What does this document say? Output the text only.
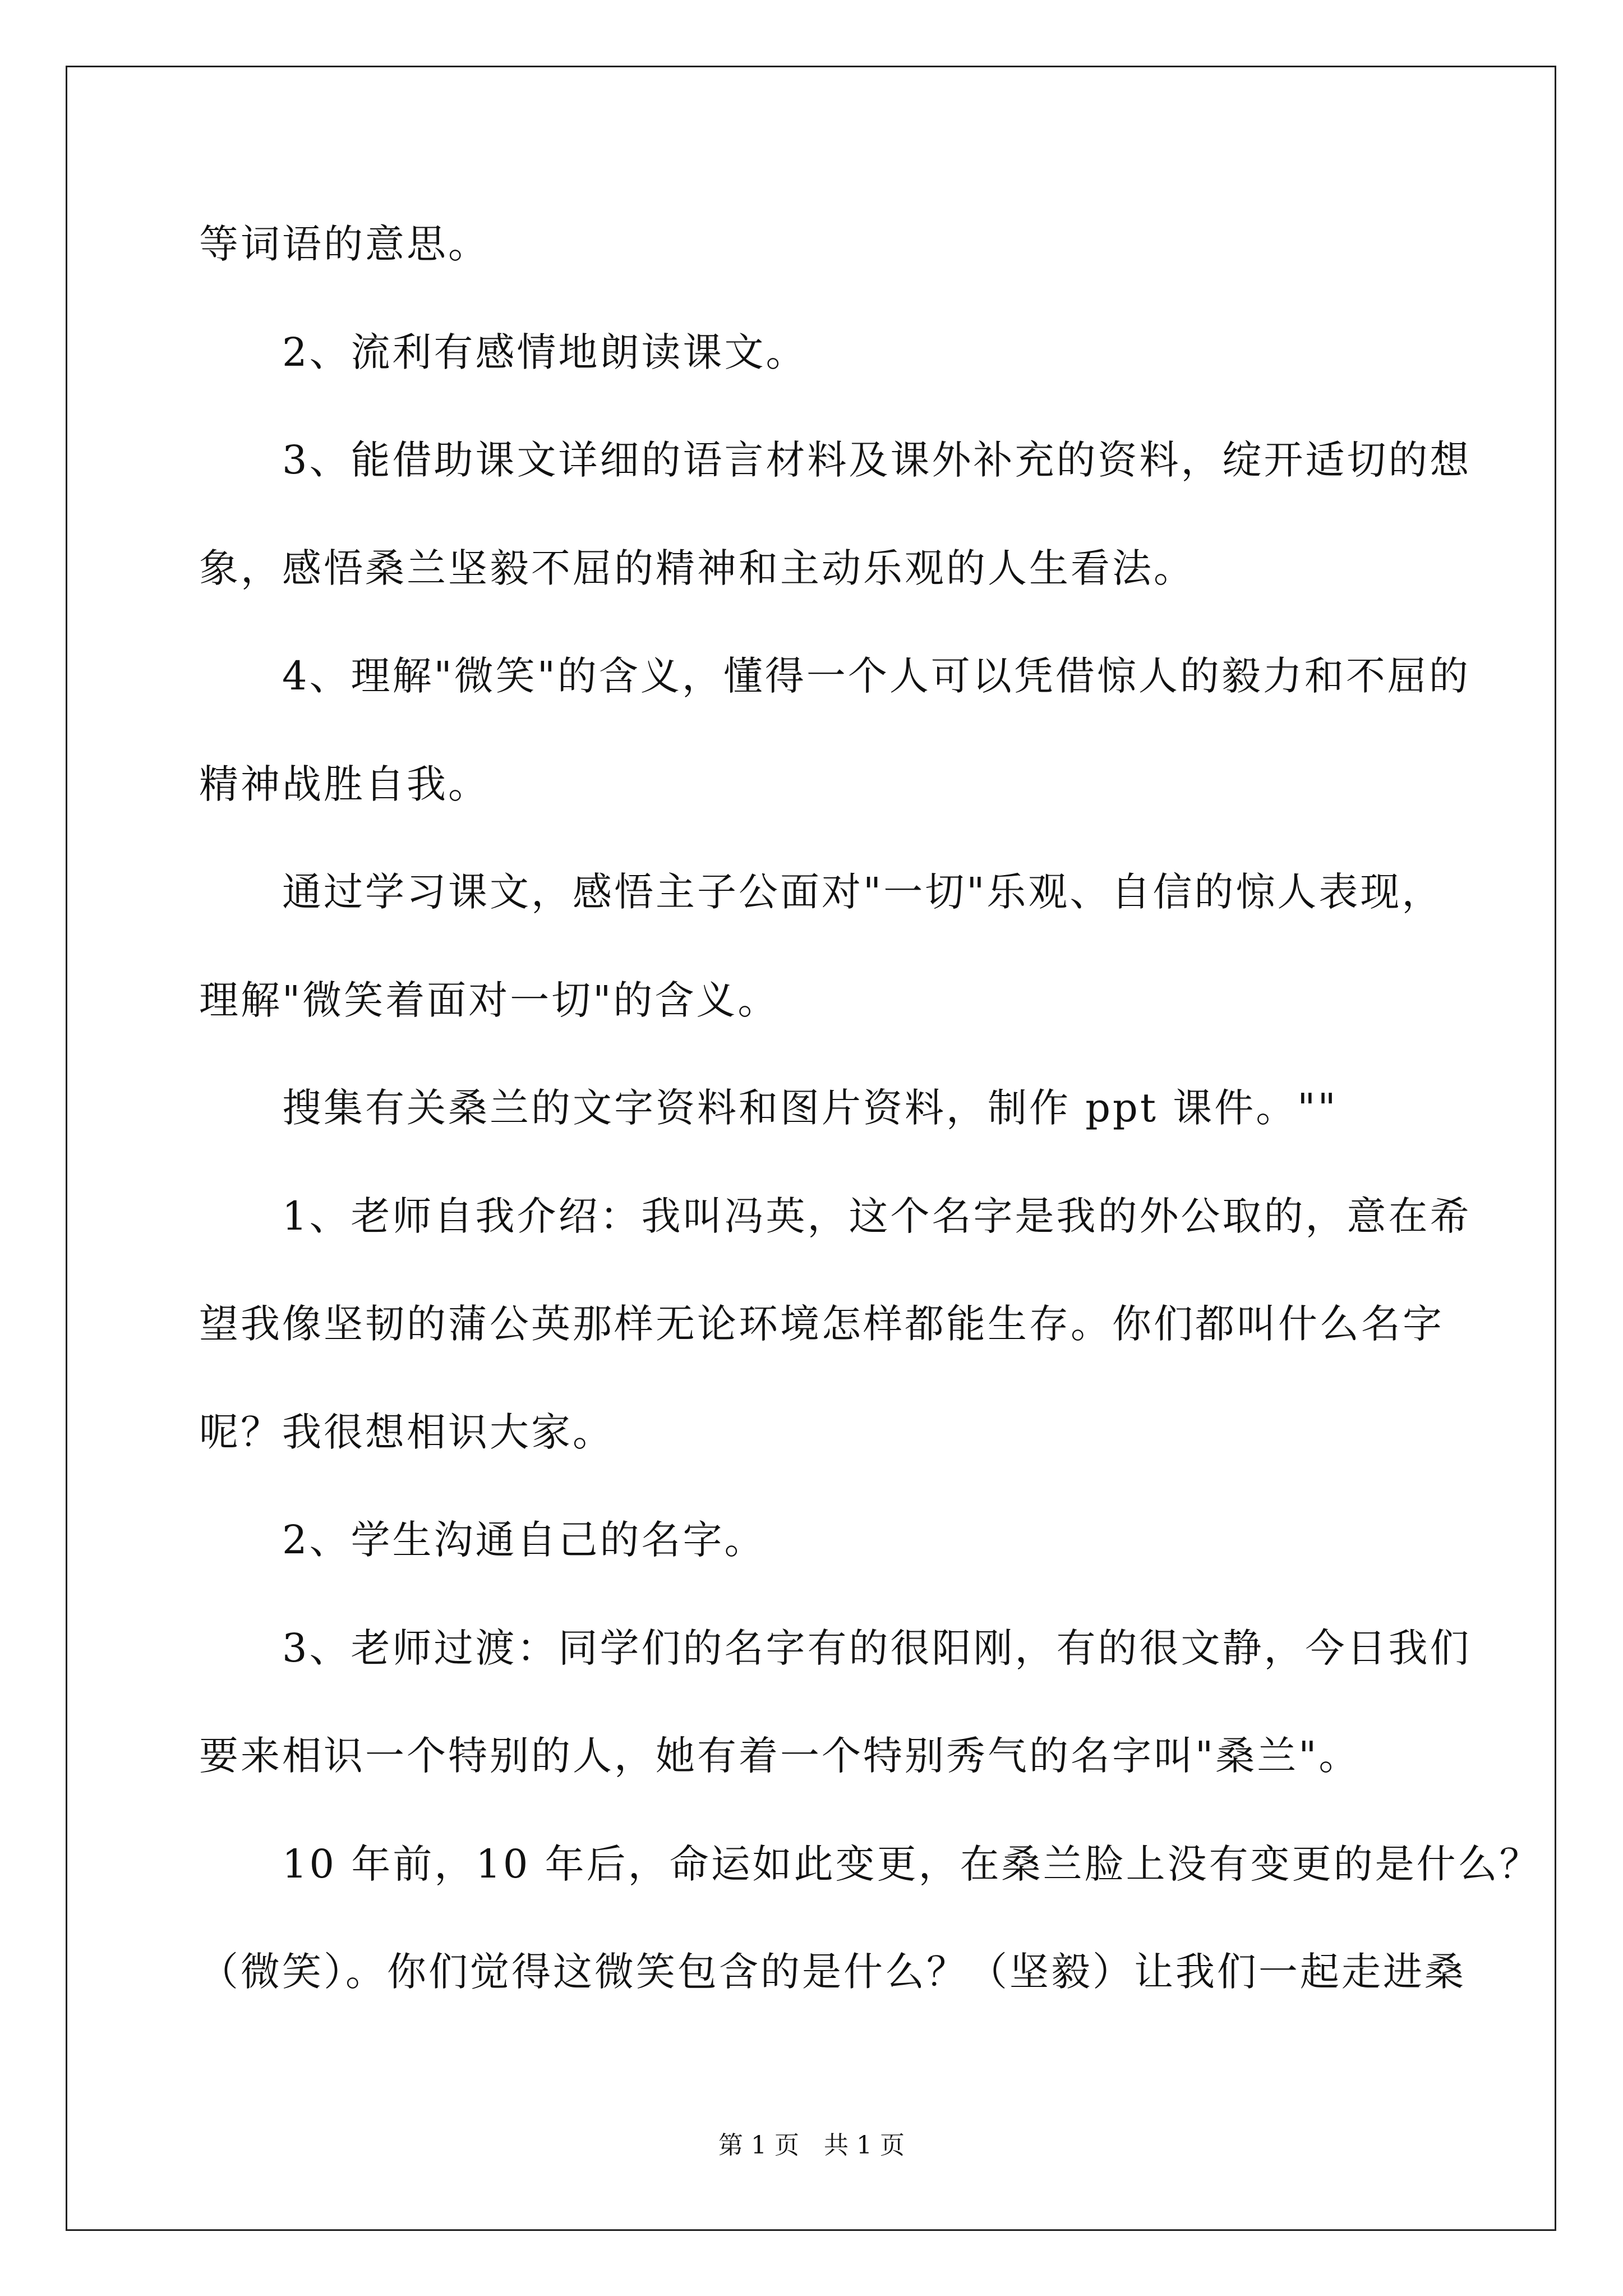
等词语的意思。
　　2、流利有感情地朗读课文。
　　3、能借助课文详细的语言材料及课外补充的资料，绽开适切的想
象，感悟桑兰坚毅不屈的精神和主动乐观的人生看法。
　　4、理解"微笑"的含义，懂得一个人可以凭借惊人的毅力和不屈的
精神战胜自我。
　　通过学习课文，感悟主子公面对"一切"乐观、自信的惊人表现，
理解"微笑着面对一切"的含义。
　　搜集有关桑兰的文字资料和图片资料，制作 ppt 课件。""
　　1、老师自我介绍：我叫冯英，这个名字是我的外公取的，意在希
望我像坚韧的蒲公英那样无论环境怎样都能生存。你们都叫什么名字
呢？我很想相识大家。
　　2、学生沟通自己的名字。
　　3、老师过渡：同学们的名字有的很阳刚，有的很文静，今日我们
要来相识一个特别的人，她有着一个特别秀气的名字叫"桑兰"。
　　10 年前，10 年后，命运如此变更，在桑兰脸上没有变更的是什么？
（微笑）。你们觉得这微笑包含的是什么？（坚毅）让我们一起走进桑
第 1 页　共 1 页
